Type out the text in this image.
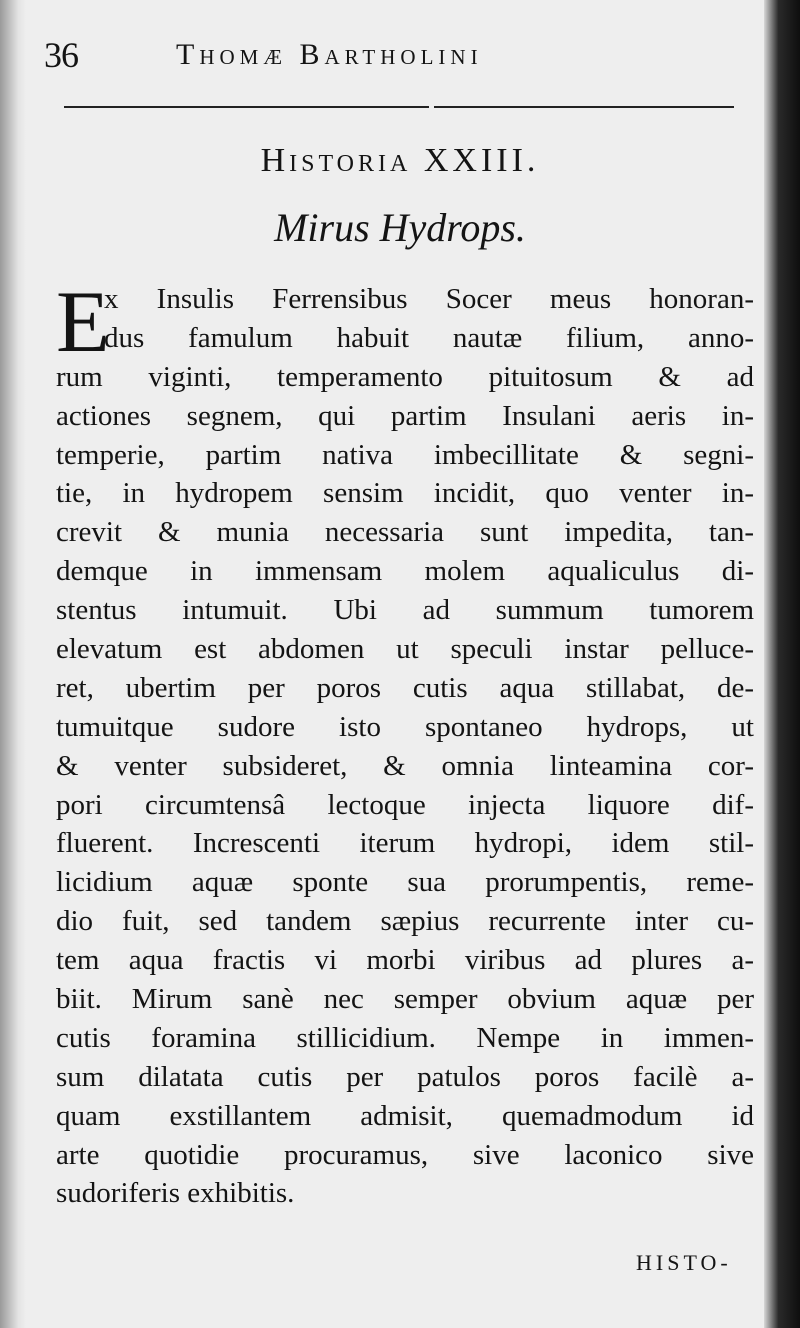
36	Thomæ Bartholini
Historia XXIII.
Mirus Hydrops.
E
x Insulis Ferrensibus Socer meus honoran-
dus famulum habuit nautæ filium, anno-
rum viginti, temperamento pituitosum & ad
actiones segnem, qui partim Insulani aeris in-
temperie, partim nativa imbecillitate & segni-
tie, in hydropem sensim incidit, quo venter in-
crevit & munia necessaria sunt impedita, tan-
demque in immensam molem aqualiculus di-
stentus intumuit. Ubi ad summum tumorem
elevatum est abdomen ut speculi instar pelluce-
ret, ubertim per poros cutis aqua stillabat, de-
tumuitque sudore isto spontaneo hydrops, ut
& venter subsideret, & omnia linteamina cor-
pori circumtensâ lectoque injecta liquore dif-
fluerent. Increscenti iterum hydropi, idem stil-
licidium aquæ sponte sua prorumpentis, reme-
dio fuit, sed tandem sæpius recurrente inter cu-
tem aqua fractis vi morbi viribus ad plures a-
biit. Mirum sanè nec semper obvium aquæ per
cutis foramina stillicidium. Nempe in immen-
sum dilatata cutis per patulos poros facilè a-
quam exstillantem admisit, quemadmodum id
arte quotidie procuramus, sive laconico sive
sudoriferis exhibitis.
HISTO-
